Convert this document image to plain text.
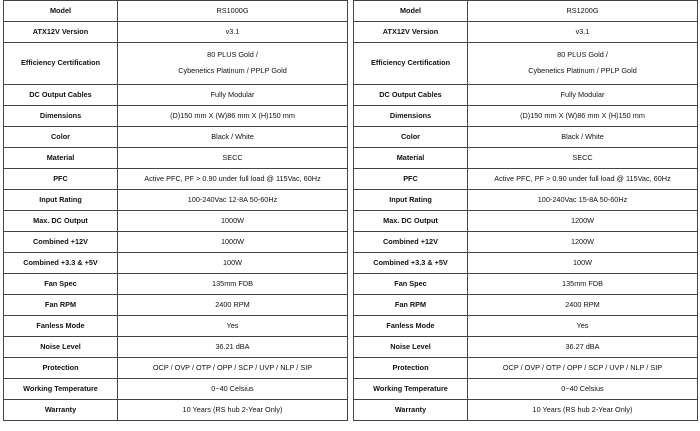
Model	RS1000G

ATX12V Version	v3.1

Efficiency Certification	80 PLUS Gold /
Cybenetics Platinum / PPLP Gold

DC Output Cables	Fully Modular

Dimensions	(D)150 mm X (W)86 mm X (H)150 mm

Color	Black / White

Material	SECC

PFC	Active PFC, PF > 0.90 under full load @ 115Vac, 60Hz

Input Rating	100-240Vac 12-8A 50-60Hz

Max. DC Output	1000W

Combined +12V	1000W

Combined +3.3 & +5V	100W

Fan Spec	135mm FDB

Fan RPM	2400 RPM

Fanless Mode	Yes

Noise Level	36.21 dBA

Protection	OCP / OVP / OTP / OPP / SCP / UVP / NLP / SIP

Working Temperature	0~40 Celsius

Warranty	10 Years (RS hub 2-Year Only)
Model	RS1200G

ATX12V Version	v3.1

Efficiency Certification	80 PLUS Gold /
Cybenetics Platinum / PPLP Gold

DC Output Cables	Fully Modular

Dimensions	(D)150 mm X (W)86 mm X (H)150 mm

Color	Black / White

Material	SECC

PFC	Active PFC, PF > 0.90 under full load @ 115Vac, 60Hz

Input Rating	100-240Vac 15-8A 50-60Hz

Max. DC Output	1200W

Combined +12V	1200W

Combined +3.3 & +5V	100W

Fan Spec	135mm FDB

Fan RPM	2400 RPM

Fanless Mode	Yes

Noise Level	36.27 dBA

Protection	OCP / OVP / OTP / OPP / SCP / UVP / NLP / SIP

Working Temperature	0~40 Celsius

Warranty	10 Years (RS hub 2-Year Only)
